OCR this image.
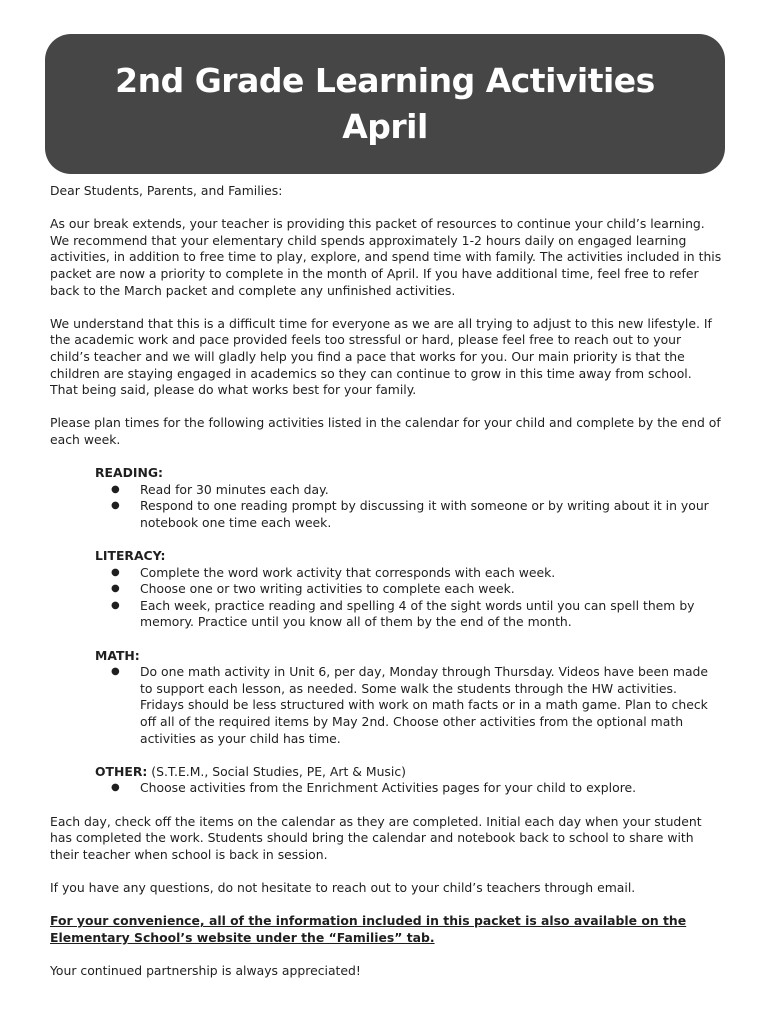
2nd Grade Learning Activities
April

Dear Students, Parents, and Families:

As our break extends, your teacher is providing this packet of resources to continue your child’s learning. We recommend that your elementary child spends approximately 1-2 hours daily on engaged learning activities, in addition to free time to play, explore, and spend time with family. The activities included in this packet are now a priority to complete in the month of April. If you have additional time, feel free to refer back to the March packet and complete any unfinished activities.

We understand that this is a difficult time for everyone as we are all trying to adjust to this new lifestyle. If the academic work and pace provided feels too stressful or hard, please feel free to reach out to your child’s teacher and we will gladly help you find a pace that works for you. Our main priority is that the children are staying engaged in academics so they can continue to grow in this time away from school. That being said, please do what works best for your family.

Please plan times for the following activities listed in the calendar for your child and complete by the end of each week.

READING:
● Read for 30 minutes each day.
● Respond to one reading prompt by discussing it with someone or by writing about it in your notebook one time each week.
LITERACY:
● Complete the word work activity that corresponds with each week.
● Choose one or two writing activities to complete each week.
● Each week, practice reading and spelling 4 of the sight words until you can spell them by memory. Practice until you know all of them by the end of the month.
MATH:
● Do one math activity in Unit 6, per day, Monday through Thursday. Videos have been made to support each lesson, as needed. Some walk the students through the HW activities. Fridays should be less structured with work on math facts or in a math game. Plan to check off all of the required items by May 2nd. Choose other activities from the optional math activities as your child has time.
OTHER: (S.T.E.M., Social Studies, PE, Art & Music)
● Choose activities from the Enrichment Activities pages for your child to explore.

Each day, check off the items on the calendar as they are completed. Initial each day when your student has completed the work. Students should bring the calendar and notebook back to school to share with their teacher when school is back in session.

If you have any questions, do not hesitate to reach out to your child’s teachers through email.

For your convenience, all of the information included in this packet is also available on the Elementary School’s website under the “Families” tab.

Your continued partnership is always appreciated!
